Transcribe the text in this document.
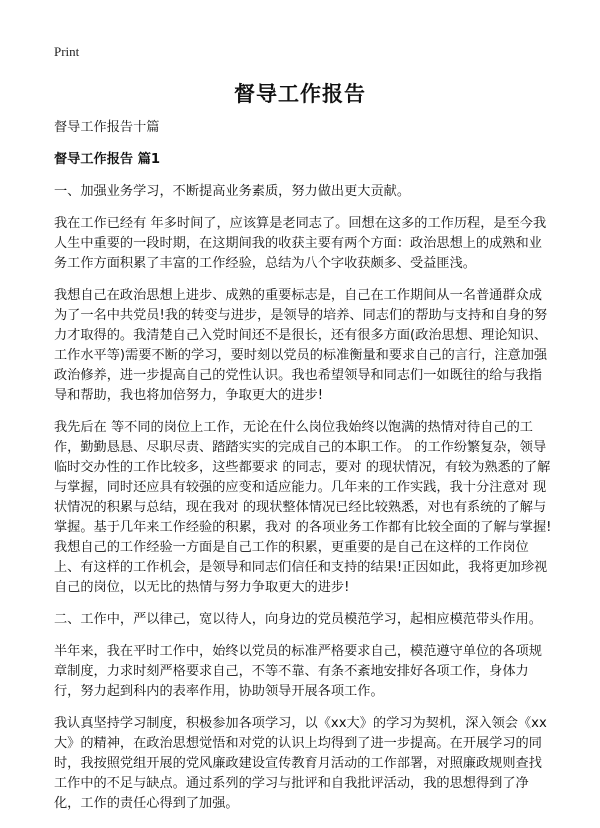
Print
督导工作报告

督导工作报告十篇

督导工作报告 篇1

一、加强业务学习，不断提高业务素质，努力做出更大贡献。

我在工作已经有 年多时间了，应该算是老同志了。回想在这多的工作历程，是至今我人生中重要的一段时期，在这期间我的收获主要有两个方面：政治思想上的成熟和业务工作方面积累了丰富的工作经验，总结为八个字收获颇多、受益匪浅。

我想自己在政治思想上进步、成熟的重要标志是，自己在工作期间从一名普通群众成为了一名中共党员!我的转变与进步，是领导的培养、同志们的帮助与支持和自身的努力才取得的。我清楚自己入党时间还不是很长，还有很多方面(政治思想、理论知识、工作水平等)需要不断的学习，要时刻以党员的标准衡量和要求自己的言行，注意加强政治修养，进一步提高自己的党性认识。我也希望领导和同志们一如既往的给与我指导和帮助，我也将加倍努力，争取更大的进步!

我先后在 等不同的岗位上工作，无论在什么岗位我始终以饱满的热情对待自己的工作，勤勤恳恳、尽职尽责、踏踏实实的完成自己的本职工作。 的工作纷繁复杂，领导临时交办性的工作比较多，这些都要求 的同志，要对 的现状情况，有较为熟悉的了解与掌握，同时还应具有较强的应变和适应能力。几年来的工作实践，我十分注意对 现状情况的积累与总结，现在我对 的现状整体情况已经比较熟悉，对也有系统的了解与掌握。基于几年来工作经验的积累，我对 的各项业务工作都有比较全面的了解与掌握!我想自己的工作经验一方面是自己工作的积累，更重要的是自己在这样的工作岗位上、有这样的工作机会，是领导和同志们信任和支持的结果!正因如此，我将更加珍视自己的岗位，以无比的热情与努力争取更大的进步!

二、工作中，严以律己，宽以待人，向身边的党员模范学习，起相应模范带头作用。

半年来，我在平时工作中，始终以党员的标准严格要求自己，模范遵守单位的各项规章制度，力求时刻严格要求自己，不等不靠、有条不紊地安排好各项工作，身体力行，努力起到科内的表率作用，协助领导开展各项工作。

我认真坚持学习制度，积极参加各项学习，以《xx大》的学习为契机，深入领会《xx大》的精神，在政治思想觉悟和对党的认识上均得到了进一步提高。在开展学习的同时，我按照党组开展的党风廉政建设宣传教育月活动的工作部署，对照廉政规则查找工作中的不足与缺点。通过系列的学习与批评和自我批评活动，我的思想得到了净化，工作的责任心得到了加强。
